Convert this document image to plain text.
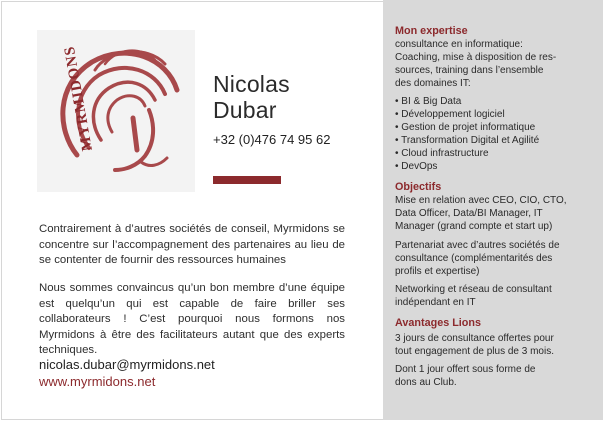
MYRMIDONS	Nicolas
Dubar
+32 (0)476 74 95 62

Contrairement à d’autres sociétés de conseil, Myrmidons se concentre sur l’accompagnement des partenaires au lieu de se contenter de fournir des ressources humaines

Nous sommes convaincus qu’un bon membre d’une équipe est quelqu’un qui est capable de faire briller ses collaborateurs ! C’est pourquoi nous formons nos Myrmidons à être des facilitateurs autant que des experts techniques.

nicolas.dubar@myrmidons.net
www.myrmidons.net
Mon expertise
consultance en informatique:
Coaching, mise à disposition de res-
sources, training dans l’ensemble
des domaines IT:
• BI & Big Data
• Développement logiciel
• Gestion de projet informatique
• Transformation Digital et Agilité
• Cloud infrastructure
• DevOps
Objectifs
Mise en relation avec CEO, CIO, CTO,
Data Officer, Data/BI Manager, IT
Manager (grand compte et start up)
Partenariat avec d’autres sociétés de
consultance (complémentarités des
profils et expertise)
Networking et réseau de consultant
indépendant en IT
Avantages Lions
3 jours de consultance offertes pour
tout engagement de plus de 3 mois.
Dont 1 jour offert sous forme de
dons au Club.
